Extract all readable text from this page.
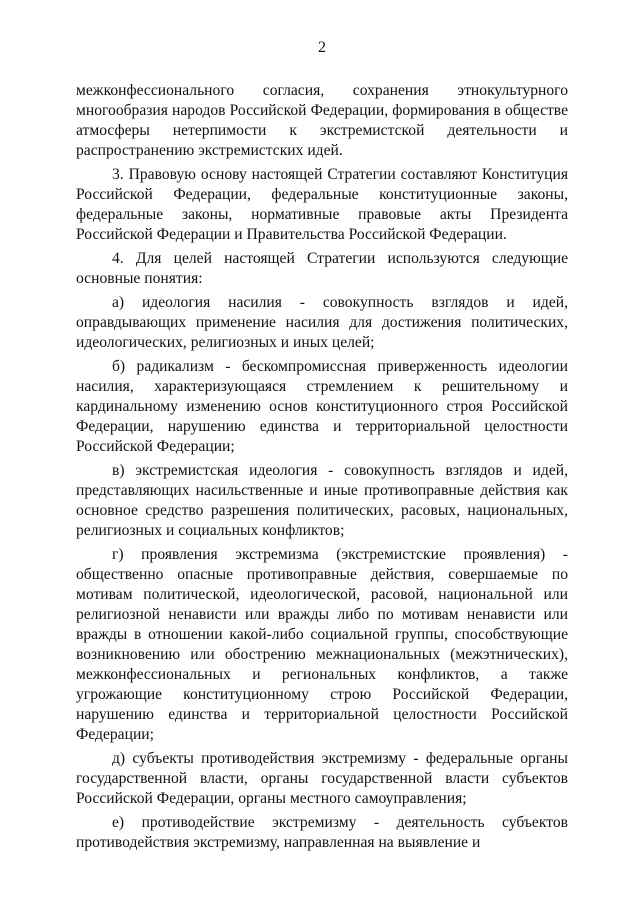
2

межконфессионального согласия, сохранения этнокультурного многообразия народов Российской Федерации, формирования в обществе атмосферы нетерпимости к экстремистской деятельности и распространению экстремистских идей.

3. Правовую основу настоящей Стратегии составляют Конституция Российской Федерации, федеральные конституционные законы, федеральные законы, нормативные правовые акты Президента Российской Федерации и Правительства Российской Федерации.

4. Для целей настоящей Стратегии используются следующие основные понятия:

а) идеология насилия - совокупность взглядов и идей, оправдывающих применение насилия для достижения политических, идеологических, религиозных и иных целей;

б) радикализм - бескомпромиссная приверженность идеологии насилия, характеризующаяся стремлением к решительному и кардинальному изменению основ конституционного строя Российской Федерации, нарушению единства и территориальной целостности Российской Федерации;

в) экстремистская идеология - совокупность взглядов и идей, представляющих насильственные и иные противоправные действия как основное средство разрешения политических, расовых, национальных, религиозных и социальных конфликтов;

г) проявления экстремизма (экстремистские проявления) - общественно опасные противоправные действия, совершаемые по мотивам политической, идеологической, расовой, национальной или религиозной ненависти или вражды либо по мотивам ненависти или вражды в отношении какой-либо социальной группы, способствующие возникновению или обострению межнациональных (межэтнических), межконфессиональных и региональных конфликтов, а также угрожающие конституционному строю Российской Федерации, нарушению единства и территориальной целостности Российской Федерации;

д) субъекты противодействия экстремизму - федеральные органы государственной власти, органы государственной власти субъектов Российской Федерации, органы местного самоуправления;

е) противодействие экстремизму - деятельность субъектов противодействия экстремизму, направленная на выявление и
